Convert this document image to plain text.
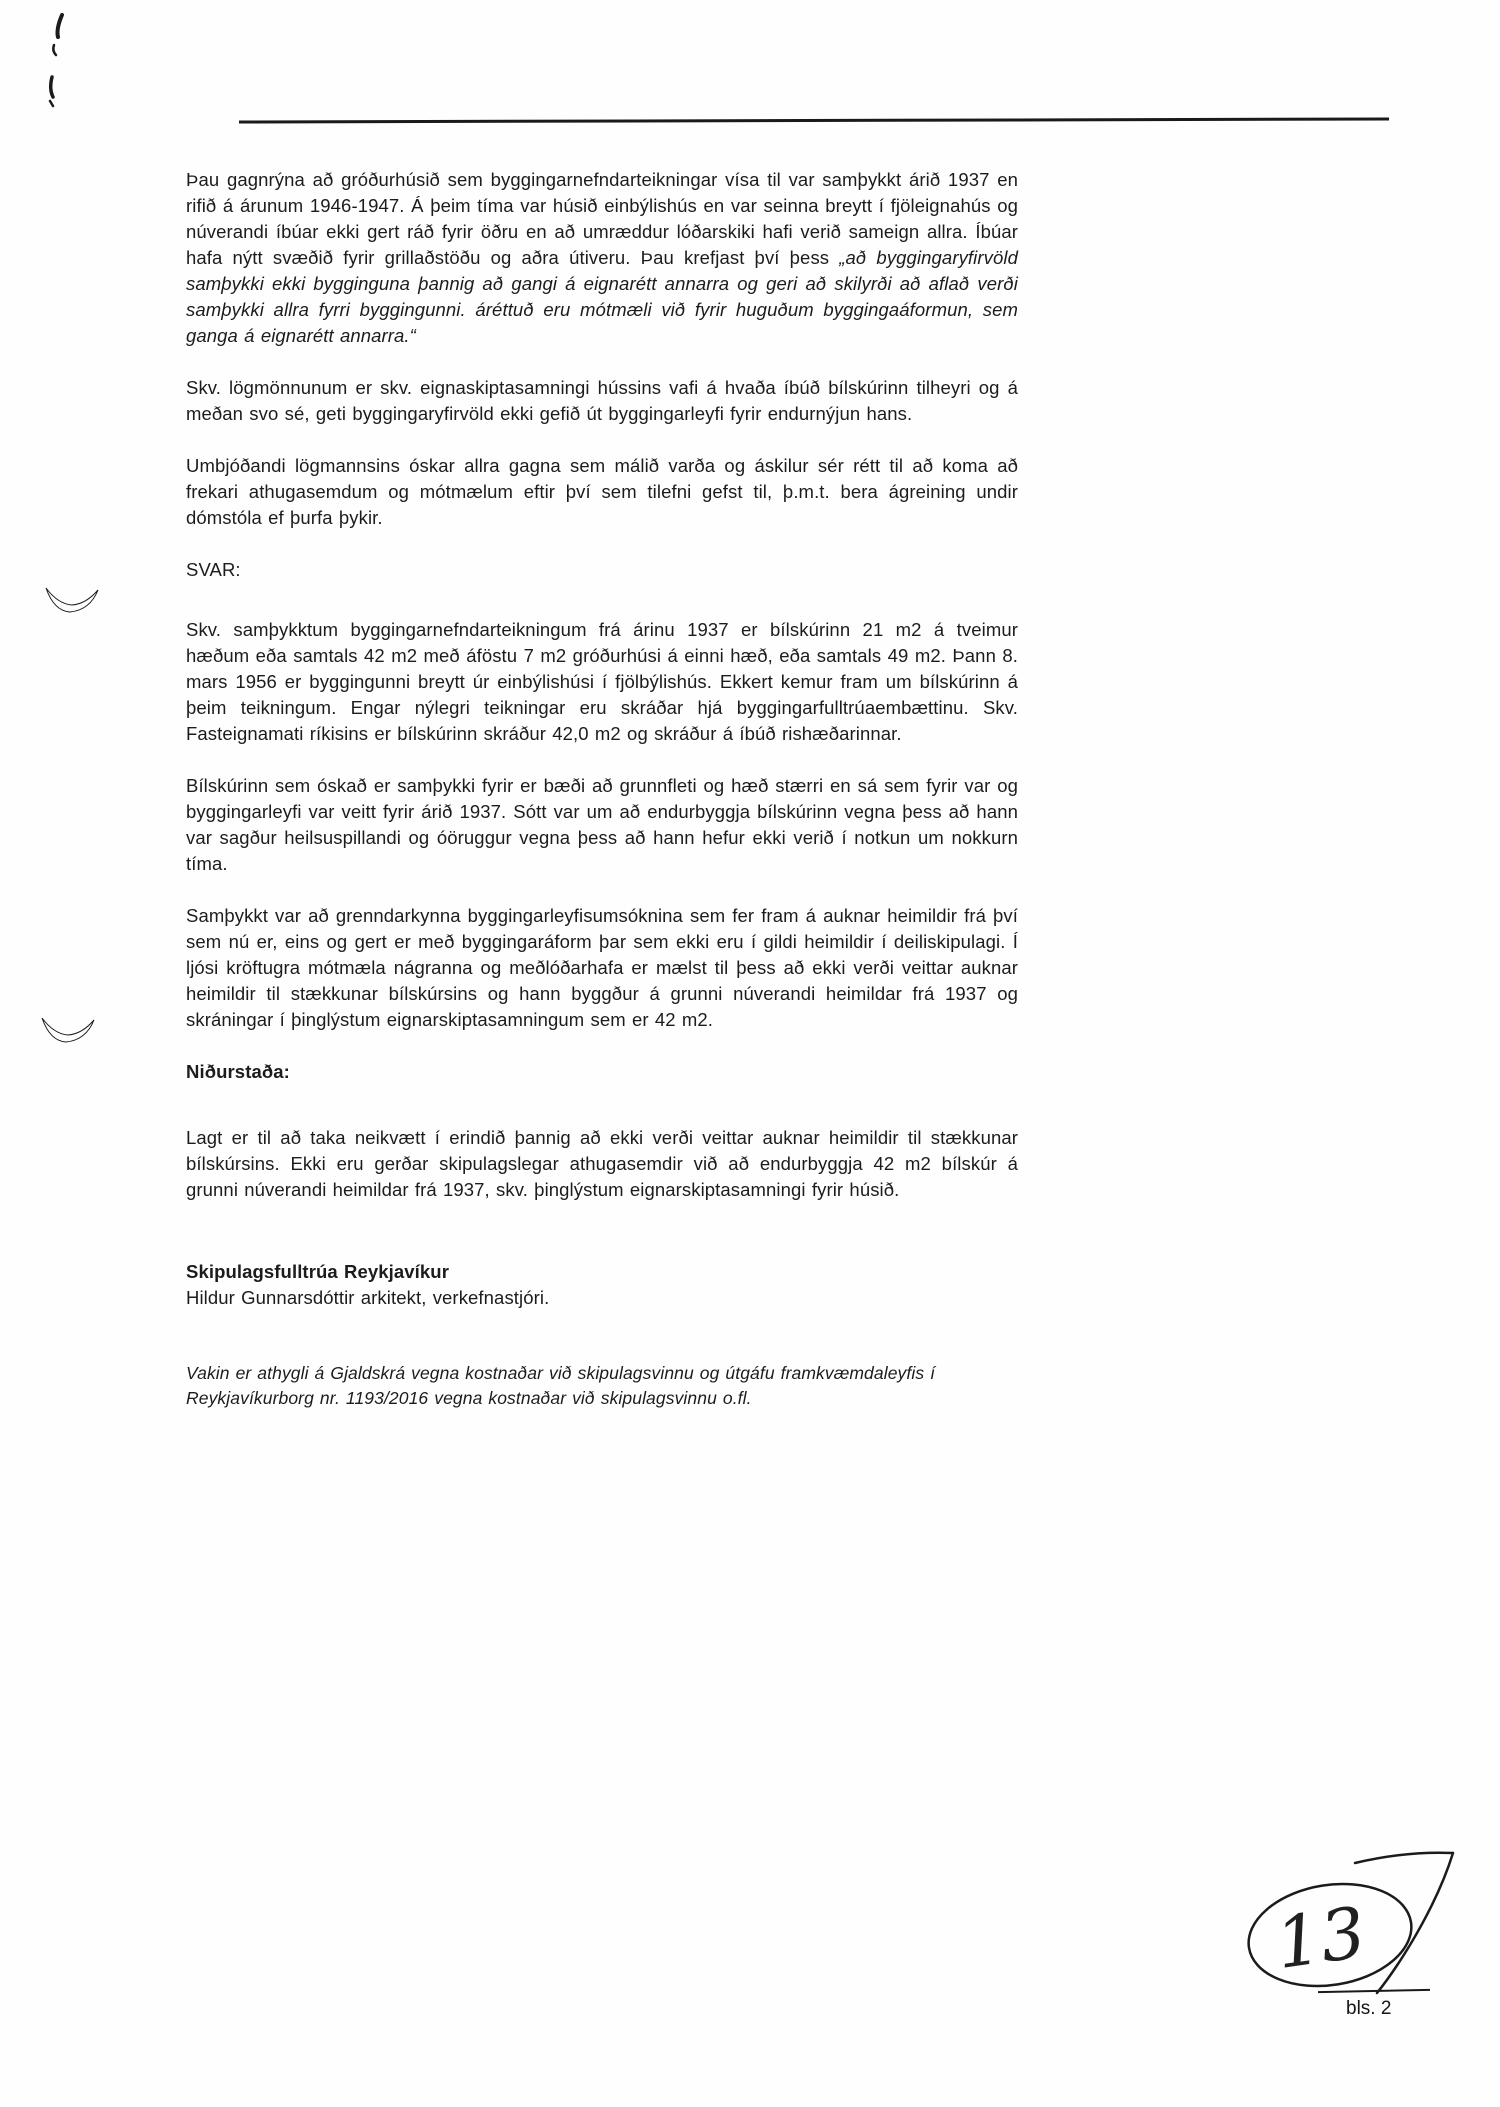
Þau gagnrýna að gróðurhúsið sem byggingarnefndarteikningar vísa til var samþykkt árið 1937 en rifið á árunum 1946-1947. Á þeim tíma var húsið einbýlishús en var seinna breytt í fjöleignahús og núverandi íbúar ekki gert ráð fyrir öðru en að umræddur lóðarskiki hafi verið sameign allra. Íbúar hafa nýtt svæðið fyrir grillaðstöðu og aðra útiveru. Þau krefjast því þess „að byggingaryfirvöld samþykki ekki bygginguna þannig að gangi á eignarétt annarra og geri að skilyrði að aflað verði samþykki allra fyrri byggingunni. áréttuð eru mótmæli við fyrir huguðum byggingaáformun, sem ganga á eignarétt annarra.“

Skv. lögmönnunum er skv. eignaskiptasamningi hússins vafi á hvaða íbúð bílskúrinn tilheyri og á meðan svo sé, geti byggingaryfirvöld ekki gefið út byggingarleyfi fyrir endurnýjun hans.

Umbjóðandi lögmannsins óskar allra gagna sem málið varða og áskilur sér rétt til að koma að frekari athugasemdum og mótmælum eftir því sem tilefni gefst til, þ.m.t. bera ágreining undir dómstóla ef þurfa þykir.

SVAR:

Skv. samþykktum byggingarnefndarteikningum frá árinu 1937 er bílskúrinn 21 m2 á tveimur hæðum eða samtals 42 m2 með áföstu 7 m2 gróðurhúsi á einni hæð, eða samtals 49 m2. Þann 8. mars 1956 er byggingunni breytt úr einbýlishúsi í fjölbýlishús. Ekkert kemur fram um bílskúrinn á þeim teikningum. Engar nýlegri teikningar eru skráðar hjá byggingarfulltrúaembættinu. Skv. Fasteignamati ríkisins er bílskúrinn skráður 42,0 m2 og skráður á íbúð rishæðarinnar.

Bílskúrinn sem óskað er samþykki fyrir er bæði að grunnfleti og hæð stærri en sá sem fyrir var og byggingarleyfi var veitt fyrir árið 1937. Sótt var um að endurbyggja bílskúrinn vegna þess að hann var sagður heilsuspillandi og óöruggur vegna þess að hann hefur ekki verið í notkun um nokkurn tíma.

Samþykkt var að grenndarkynna byggingarleyfisumsóknina sem fer fram á auknar heimildir frá því sem nú er, eins og gert er með byggingaráform þar sem ekki eru í gildi heimildir í deiliskipulagi. Í ljósi kröftugra mótmæla nágranna og meðlóðarhafa er mælst til þess að ekki verði veittar auknar heimildir til stækkunar bílskúrsins og hann byggður á grunni núverandi heimildar frá 1937 og skráningar í þinglýstum eignarskiptasamningum sem er 42 m2.

Niðurstaða:

Lagt er til að taka neikvætt í erindið þannig að ekki verði veittar auknar heimildir til stækkunar bílskúrsins. Ekki eru gerðar skipulagslegar athugasemdir við að endurbyggja 42 m2 bílskúr á grunni núverandi heimildar frá 1937, skv. þinglýstum eignarskiptasamningi fyrir húsið.

Skipulagsfulltrúa Reykjavíkur
Hildur Gunnarsdóttir arkitekt, verkefnastjóri.
Vakin er athygli á Gjaldskrá vegna kostnaðar við skipulagsvinnu og útgáfu framkvæmdaleyfis í Reykjavíkurborg nr. 1193/2016 vegna kostnaðar við skipulagsvinnu o.fl.
13
bls. 2
